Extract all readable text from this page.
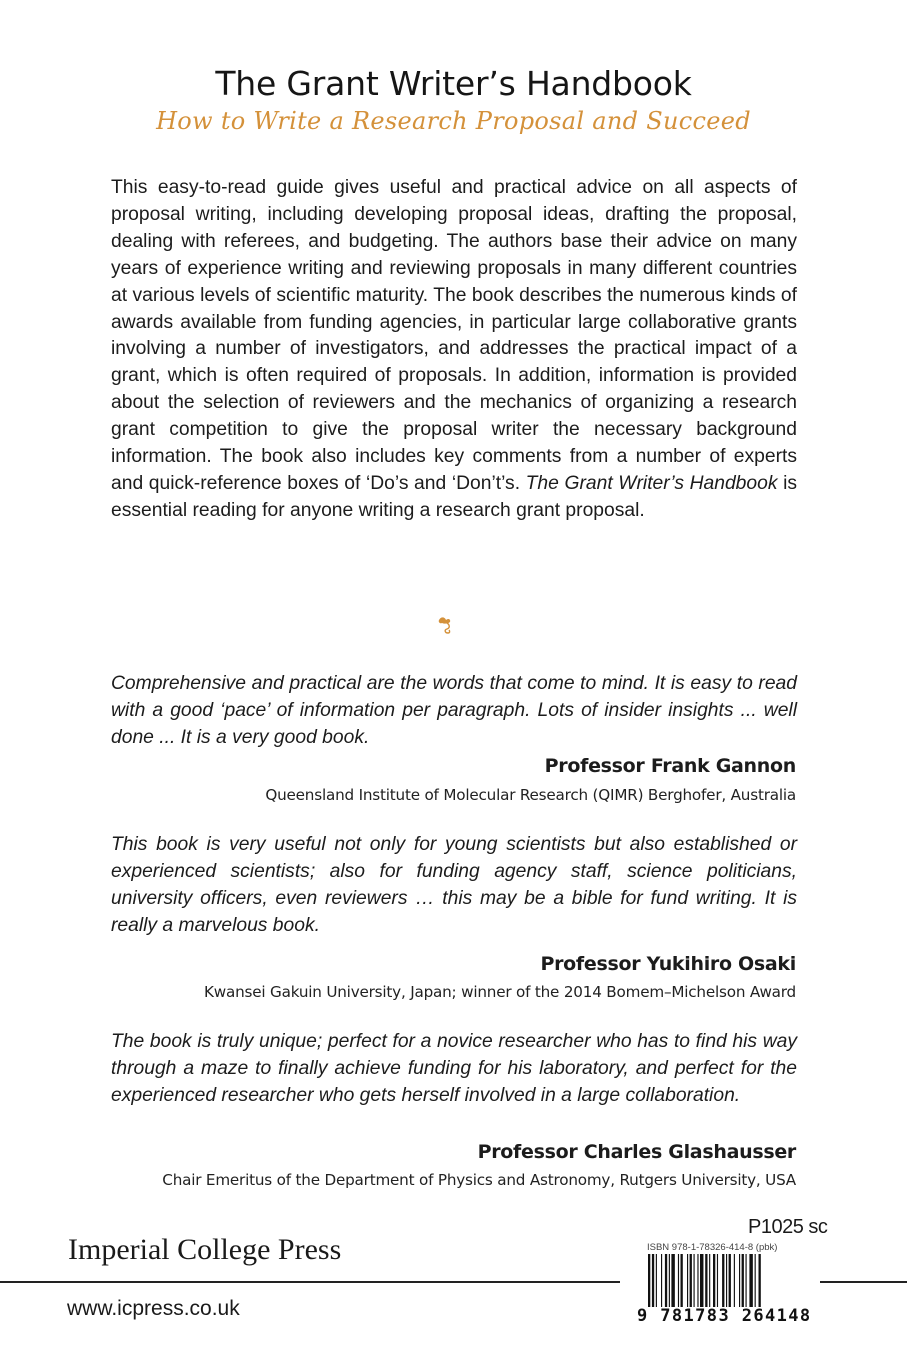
The Grant Writer’s Handbook
How to Write a Research Proposal and Succeed

This easy-to-read guide gives useful and practical advice on all aspects of proposal writing, including developing proposal ideas, drafting the proposal, dealing with referees, and budgeting. The authors base their advice on many years of experience writing and reviewing proposals in many different countries at various levels of scientific maturity. The book describes the numerous kinds of awards available from funding agencies, in particular large collaborative grants involving a number of investigators, and addresses the practical impact of a grant, which is often required of proposals. In addition, information is provided about the selection of reviewers and the mechanics of organizing a research grant competition to give the proposal writer the necessary background information. The book also includes key comments from a number of experts and quick-reference boxes of ‘Do’s and ‘Don’t’s. The Grant Writer’s Handbook is essential reading for anyone writing a research grant proposal.

Comprehensive and practical are the words that come to mind. It is easy to read with a good ‘pace’ of information per paragraph. Lots of insider insights ... well done ... It is a very good book.

Professor Frank Gannon
Queensland Institute of Molecular Research (QIMR) Berghofer, Australia

This book is very useful not only for young scientists but also established or experienced scientists; also for funding agency staff, science politicians, university officers, even reviewers … this may be a bible for fund writing. It is really a marvelous book.

Professor Yukihiro Osaki
Kwansei Gakuin University, Japan; winner of the 2014 Bomem–Michelson Award

The book is truly unique; perfect for a novice researcher who has to find his way through a maze to finally achieve funding for his laboratory, and perfect for the experienced researcher who gets herself involved in a large collaboration.

Professor Charles Glashausser
Chair Emeritus of the Department of Physics and Astronomy, Rutgers University, USA
Imperial College Press
www.icpress.co.uk
P1025 sc
ISBN 978-1-78326-414-8 (pbk)
9 781783 264148
